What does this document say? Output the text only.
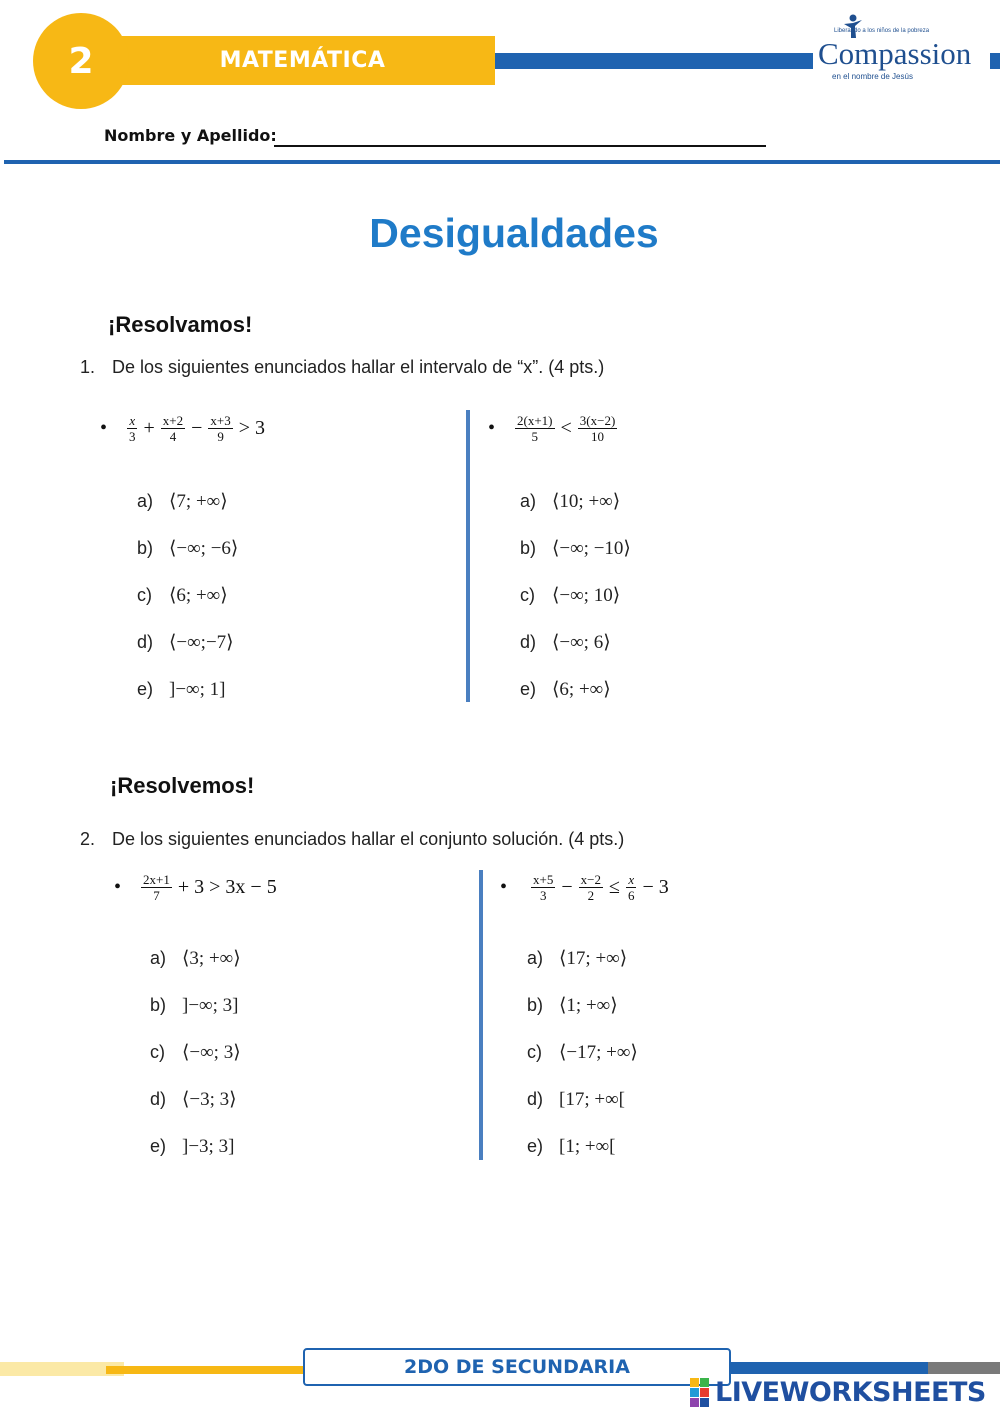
2	MATEMÁTICA
Liberando a los niños de la pobreza
Compassion
en el nombre de Jesús
Nombre y Apellido:
Desigualdades
¡Resolvamos!
1. De los siguientes enunciados hallar el intervalo de “x”. (4 pts.)
• $\frac{x}{3} + \frac{x+2}{4} - \frac{x+3}{9} > 3$
a) ⟨7; +∞⟩
b) ⟨−∞; −6⟩
c) ⟨6; +∞⟩
d) ⟨−∞;−7⟩
e) ]−∞; 1]
• $\frac{2(x+1)}{5} < \frac{3(x-2)}{10}$
a) ⟨10; +∞⟩
b) ⟨−∞; −10⟩
c) ⟨−∞; 10⟩
d) ⟨−∞; 6⟩
e) ⟨6; +∞⟩
¡Resolvemos!
2. De los siguientes enunciados hallar el conjunto solución. (4 pts.)
• $\frac{2x+1}{7} + 3 > 3x - 5$
a) ⟨3; +∞⟩
b) ]−∞; 3]
c) ⟨−∞; 3⟩
d) ⟨−3; 3⟩
e) ]−3; 3]
• $\frac{x+5}{3} - \frac{x-2}{2} \le \frac{x}{6} - 3$
a) ⟨17; +∞⟩
b) ⟨1; +∞⟩
c) ⟨−17; +∞⟩
d) [17; +∞[
e) [1; +∞[
2DO DE SECUNDARIA
LIVEWORKSHEETS
